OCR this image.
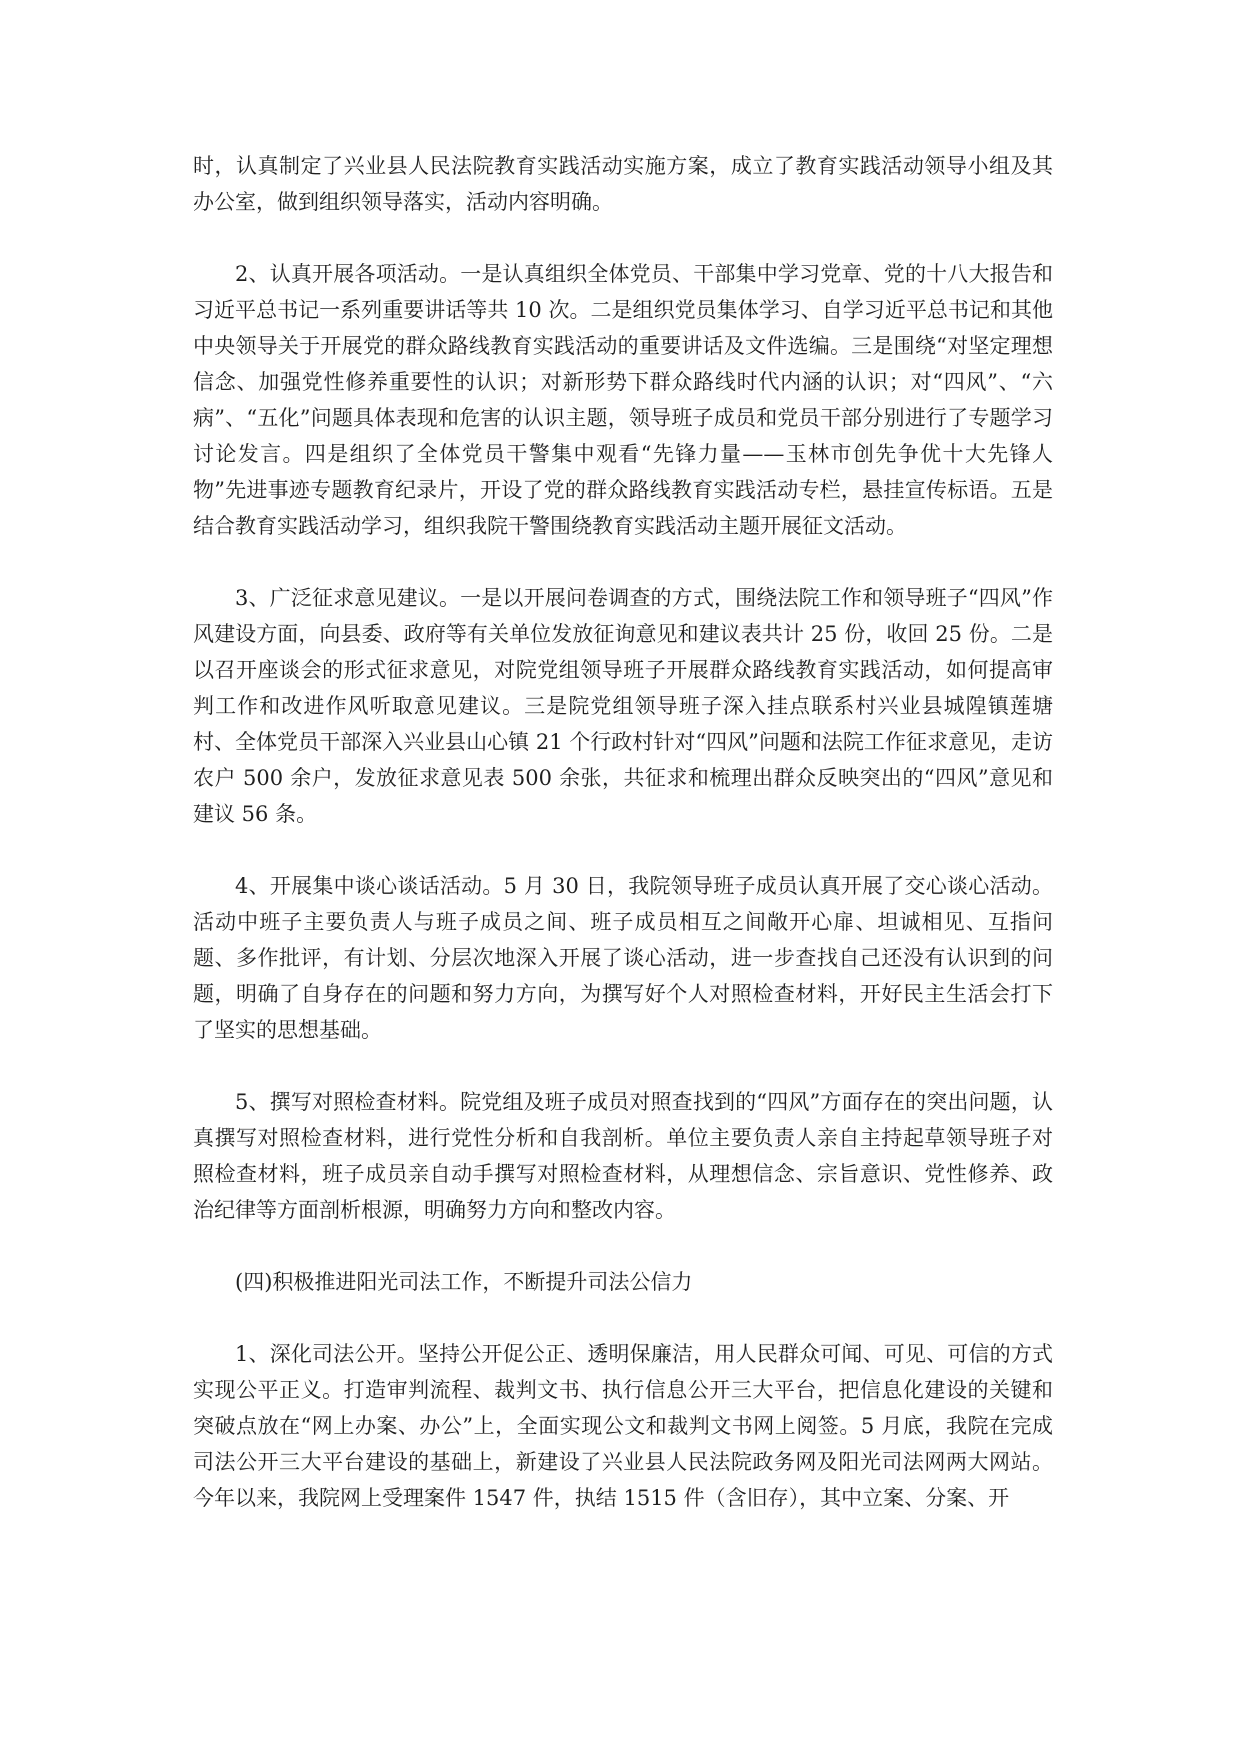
时，认真制定了兴业县人民法院教育实践活动实施方案，成立了教育实践活动领导小组及其办公室，做到组织领导落实，活动内容明确。

2、认真开展各项活动。一是认真组织全体党员、干部集中学习党章、党的十八大报告和习近平总书记一系列重要讲话等共 10 次。二是组织党员集体学习、自学习近平总书记和其他中央领导关于开展党的群众路线教育实践活动的重要讲话及文件选编。三是围绕“对坚定理想信念、加强党性修养重要性的认识；对新形势下群众路线时代内涵的认识；对“四风”、“六病”、“五化”问题具体表现和危害的认识主题，领导班子成员和党员干部分别进行了专题学习讨论发言。四是组织了全体党员干警集中观看“先锋力量——玉林市创先争优十大先锋人物”先进事迹专题教育纪录片，开设了党的群众路线教育实践活动专栏，悬挂宣传标语。五是结合教育实践活动学习，组织我院干警围绕教育实践活动主题开展征文活动。

3、广泛征求意见建议。一是以开展问卷调查的方式，围绕法院工作和领导班子“四风”作风建设方面，向县委、政府等有关单位发放征询意见和建议表共计 25 份，收回 25 份。二是以召开座谈会的形式征求意见，对院党组领导班子开展群众路线教育实践活动，如何提高审判工作和改进作风听取意见建议。三是院党组领导班子深入挂点联系村兴业县城隍镇莲塘村、全体党员干部深入兴业县山心镇 21 个行政村针对“四风”问题和法院工作征求意见，走访农户 500 余户，发放征求意见表 500 余张，共征求和梳理出群众反映突出的“四风”意见和建议 56 条。

4、开展集中谈心谈话活动。5 月 30 日，我院领导班子成员认真开展了交心谈心活动。活动中班子主要负责人与班子成员之间、班子成员相互之间敞开心扉、坦诚相见、互指问题、多作批评，有计划、分层次地深入开展了谈心活动，进一步查找自己还没有认识到的问题，明确了自身存在的问题和努力方向，为撰写好个人对照检查材料，开好民主生活会打下了坚实的思想基础。

5、撰写对照检查材料。院党组及班子成员对照查找到的“四风”方面存在的突出问题，认真撰写对照检查材料，进行党性分析和自我剖析。单位主要负责人亲自主持起草领导班子对照检查材料，班子成员亲自动手撰写对照检查材料，从理想信念、宗旨意识、党性修养、政治纪律等方面剖析根源，明确努力方向和整改内容。

(四)积极推进阳光司法工作，不断提升司法公信力

1、深化司法公开。坚持公开促公正、透明保廉洁，用人民群众可闻、可见、可信的方式实现公平正义。打造审判流程、裁判文书、执行信息公开三大平台，把信息化建设的关键和突破点放在“网上办案、办公”上，全面实现公文和裁判文书网上阅签。5 月底，我院在完成司法公开三大平台建设的基础上，新建设了兴业县人民法院政务网及阳光司法网两大网站。今年以来，我院网上受理案件 1547 件，执结 1515 件（含旧存），其中立案、分案、开
